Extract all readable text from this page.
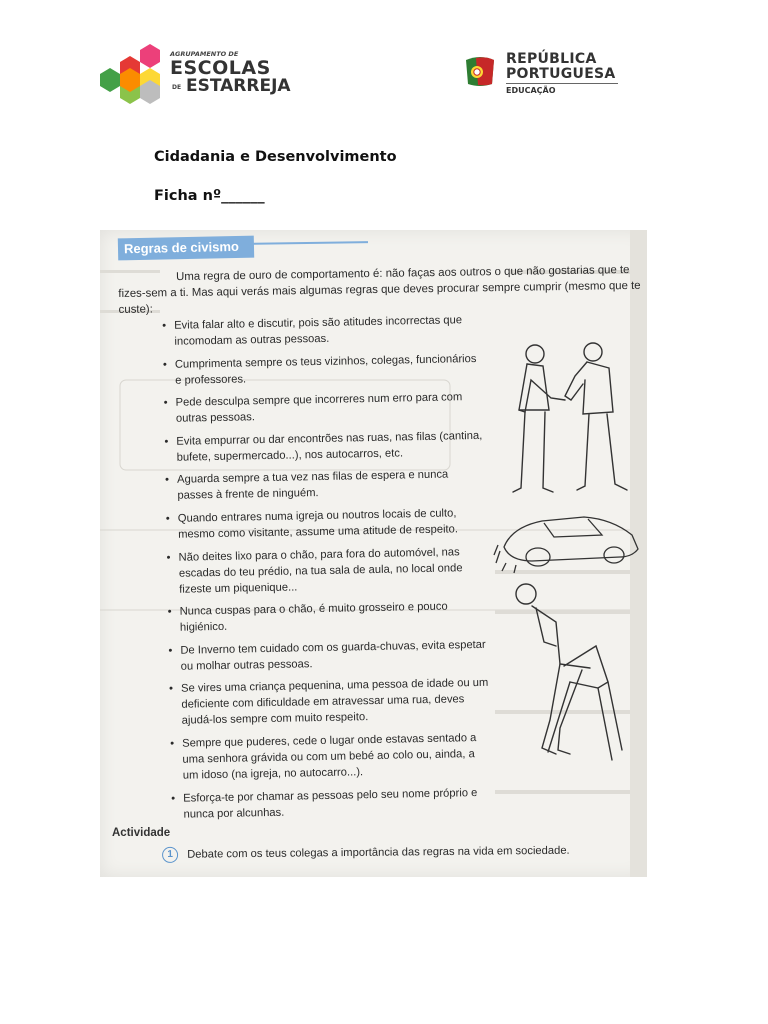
AGRUPAMENTO DE
ESCOLAS
DE ESTARREJA
REPÚBLICA
PORTUGUESA
EDUCAÇÃO
Cidadania e Desenvolvimento
Ficha nº______
Regras de civismo

Uma regra de ouro de comportamento é: não faças aos outros o que não gostarias que te fizes-sem a ti. Mas aqui verás mais algumas regras que deves procurar sempre cumprir (mesmo que te custe):

• Evita falar alto e discutir, pois são atitudes incorrectas que incomodam as outras pessoas.
• Cumprimenta sempre os teus vizinhos, colegas, funcionários e professores.
• Pede desculpa sempre que incorreres num erro para com outras pessoas.
• Evita empurrar ou dar encontrões nas ruas, nas filas (cantina, bufete, supermercado...), nos autocarros, etc.
• Aguarda sempre a tua vez nas filas de espera e nunca passes à frente de ninguém.
• Quando entrares numa igreja ou noutros locais de culto, mesmo como visitante, assume uma atitude de respeito.
• Não deites lixo para o chão, para fora do automóvel, nas escadas do teu prédio, na tua sala de aula, no local onde fizeste um piquenique...
• Nunca cuspas para o chão, é muito grosseiro e pouco higiénico.
• De Inverno tem cuidado com os guarda-chuvas, evita espetar ou molhar outras pessoas.
• Se vires uma criança pequenina, uma pessoa de idade ou um deficiente com dificuldade em atravessar uma rua, deves ajudá-los sempre com muito respeito.
• Sempre que puderes, cede o lugar onde estavas sentado a uma senhora grávida ou com um bebé ao colo ou, ainda, a um idoso (na igreja, no autocarro...).
• Esforça-te por chamar as pessoas pelo seu nome próprio e nunca por alcunhas.
Actividade
1 Debate com os teus colegas a importância das regras na vida em sociedade.
